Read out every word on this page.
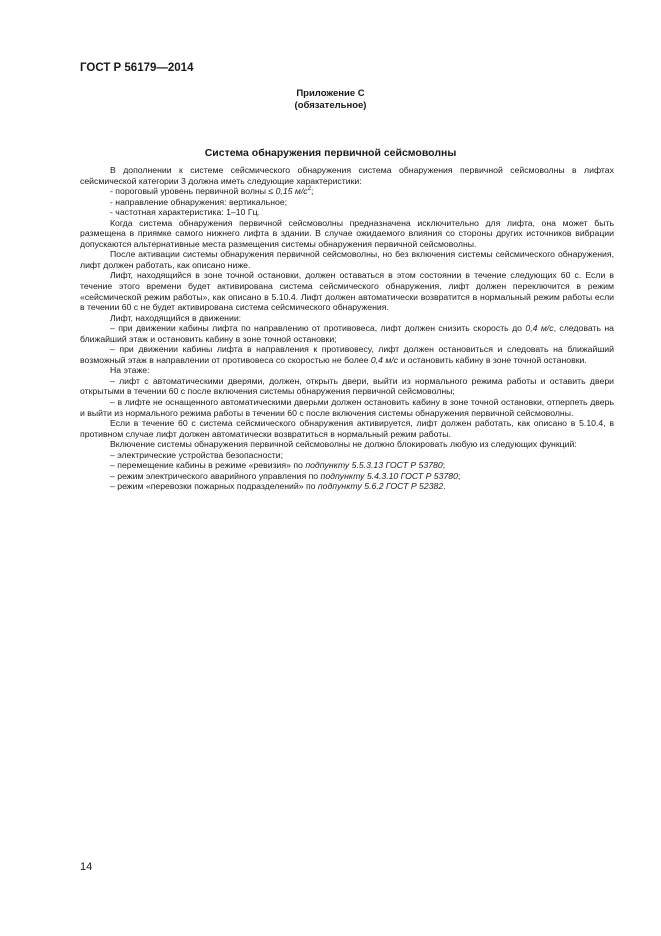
ГОСТ Р 56179—2014
Приложение С
(обязательное)
Система обнаружения первичной сейсмоволны

В дополнении к системе сейсмического обнаружения система обнаружения первичной сейсмоволны в лифтах сейсмической категории 3 должна иметь следующие характеристики:

- пороговый уровень первичной волны ≤ 0,15 $м/с^2$;

- направление обнаружения: вертикальное;

- частотная характеристика: 1–10 Гц.

Когда система обнаружения первичной сейсмоволны предназначена исключительно для лифта, она может быть размещена в приямке самого нижнего лифта в здании. В случае ожидаемого влияния со стороны других источников вибрации допускаются альтернативные места размещения системы обнаружения первичной сейсмоволны.

После активации системы обнаружения первичной сейсмоволны, но без включения системы сейсмического обнаружения, лифт должен работать, как описано ниже.

Лифт, находящийся в зоне точной остановки, должен оставаться в этом состоянии в течение следующих 60 с. Если в течение этого времени будет активирована система сейсмического обнаружения, лифт должен переключится в режим «сейсмической режим работы», как описано в 5.10.4. Лифт должен автоматически возвратится в нормальный режим работы если в течении 60 с не будет активирована система сейсмического обнаружения.

Лифт, находящийся в движении:

– при движении кабины лифта по направлению от противовеса, лифт должен снизить скорость до 0,4 м/с, следовать на ближайший этаж и остановить кабину в зоне точной остановки;

– при движении кабины лифта в направления к противовесу, лифт должен остановиться и следовать на ближайший возможный этаж в направлении от противовеса со скоростью не более 0,4 м/с и остановить кабину в зоне точной остановки.

На этаже:

– лифт с автоматическими дверями, должен, открыть двери, выйти из нормального режима работы и оставить двери открытыми в течении 60 с после включения системы обнаружения первичной сейсмоволны;

– в лифте не оснащенного автоматическими дверьми должен остановить кабину в зоне точной остановки, отперпеть дверь и выйти из нормального режима работы в течении 60 с после включения системы обнаружения первичной сейсмоволны.

Если в течение 60 с система сейсмического обнаружения активируется, лифт должен работать, как описано в 5.10.4, в противном случае лифт должен автоматически возвратиться в нормальный режим работы.

Включение системы обнаружения первичной сейсмоволны не должно блокировать любую из следующих функций:

– электрические устройства безопасности;

– перемещение кабины в режиме «ревизия» по подпункту 5.5.3.13 ГОСТ Р 53780;

– режим электрического аварийного управления по подпункту 5.4.3.10 ГОСТ Р 53780;

– режим «перевозки пожарных подразделений» по подпункту 5.6.2 ГОСТ Р 52382.

14
